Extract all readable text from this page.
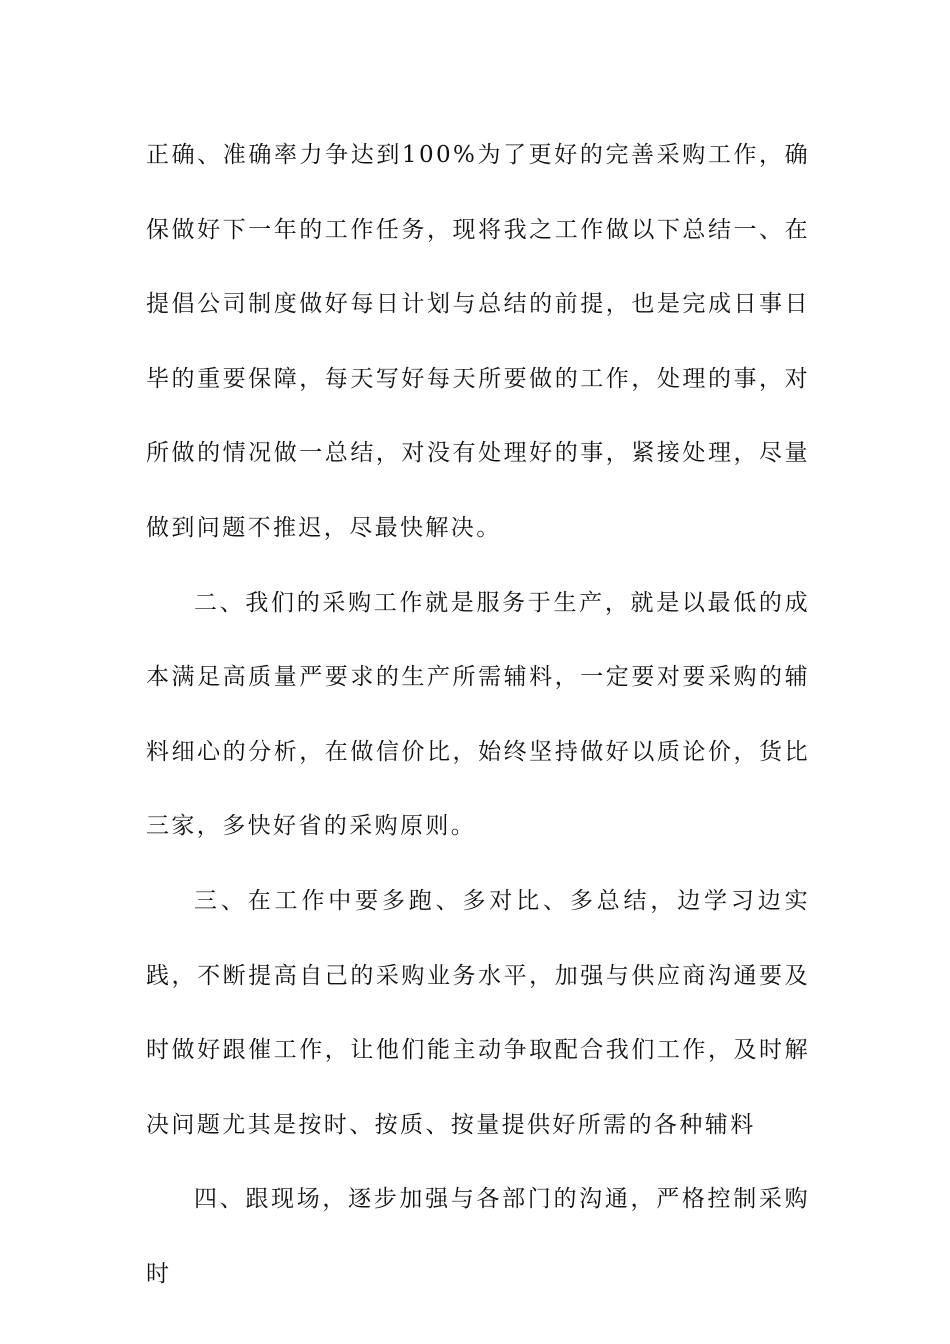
正确、准确率力争达到100%为了更好的完善采购工作，确保做好下一年的工作任务，现将我之工作做以下总结一、在提倡公司制度做好每日计划与总结的前提，也是完成日事日毕的重要保障，每天写好每天所要做的工作，处理的事，对所做的情况做一总结，对没有处理好的事，紧接处理，尽量做到问题不推迟，尽最快解决。

二、我们的采购工作就是服务于生产，就是以最低的成本满足高质量严要求的生产所需辅料，一定要对要采购的辅料细心的分析，在做信价比，始终坚持做好以质论价，货比三家，多快好省的采购原则。

三、在工作中要多跑、多对比、多总结，边学习边实践，不断提高自己的采购业务水平，加强与供应商沟通要及时做好跟催工作，让他们能主动争取配合我们工作，及时解决问题尤其是按时、按质、按量提供好所需的各种辅料

四、跟现场，逐步加强与各部门的沟通，严格控制采购时
